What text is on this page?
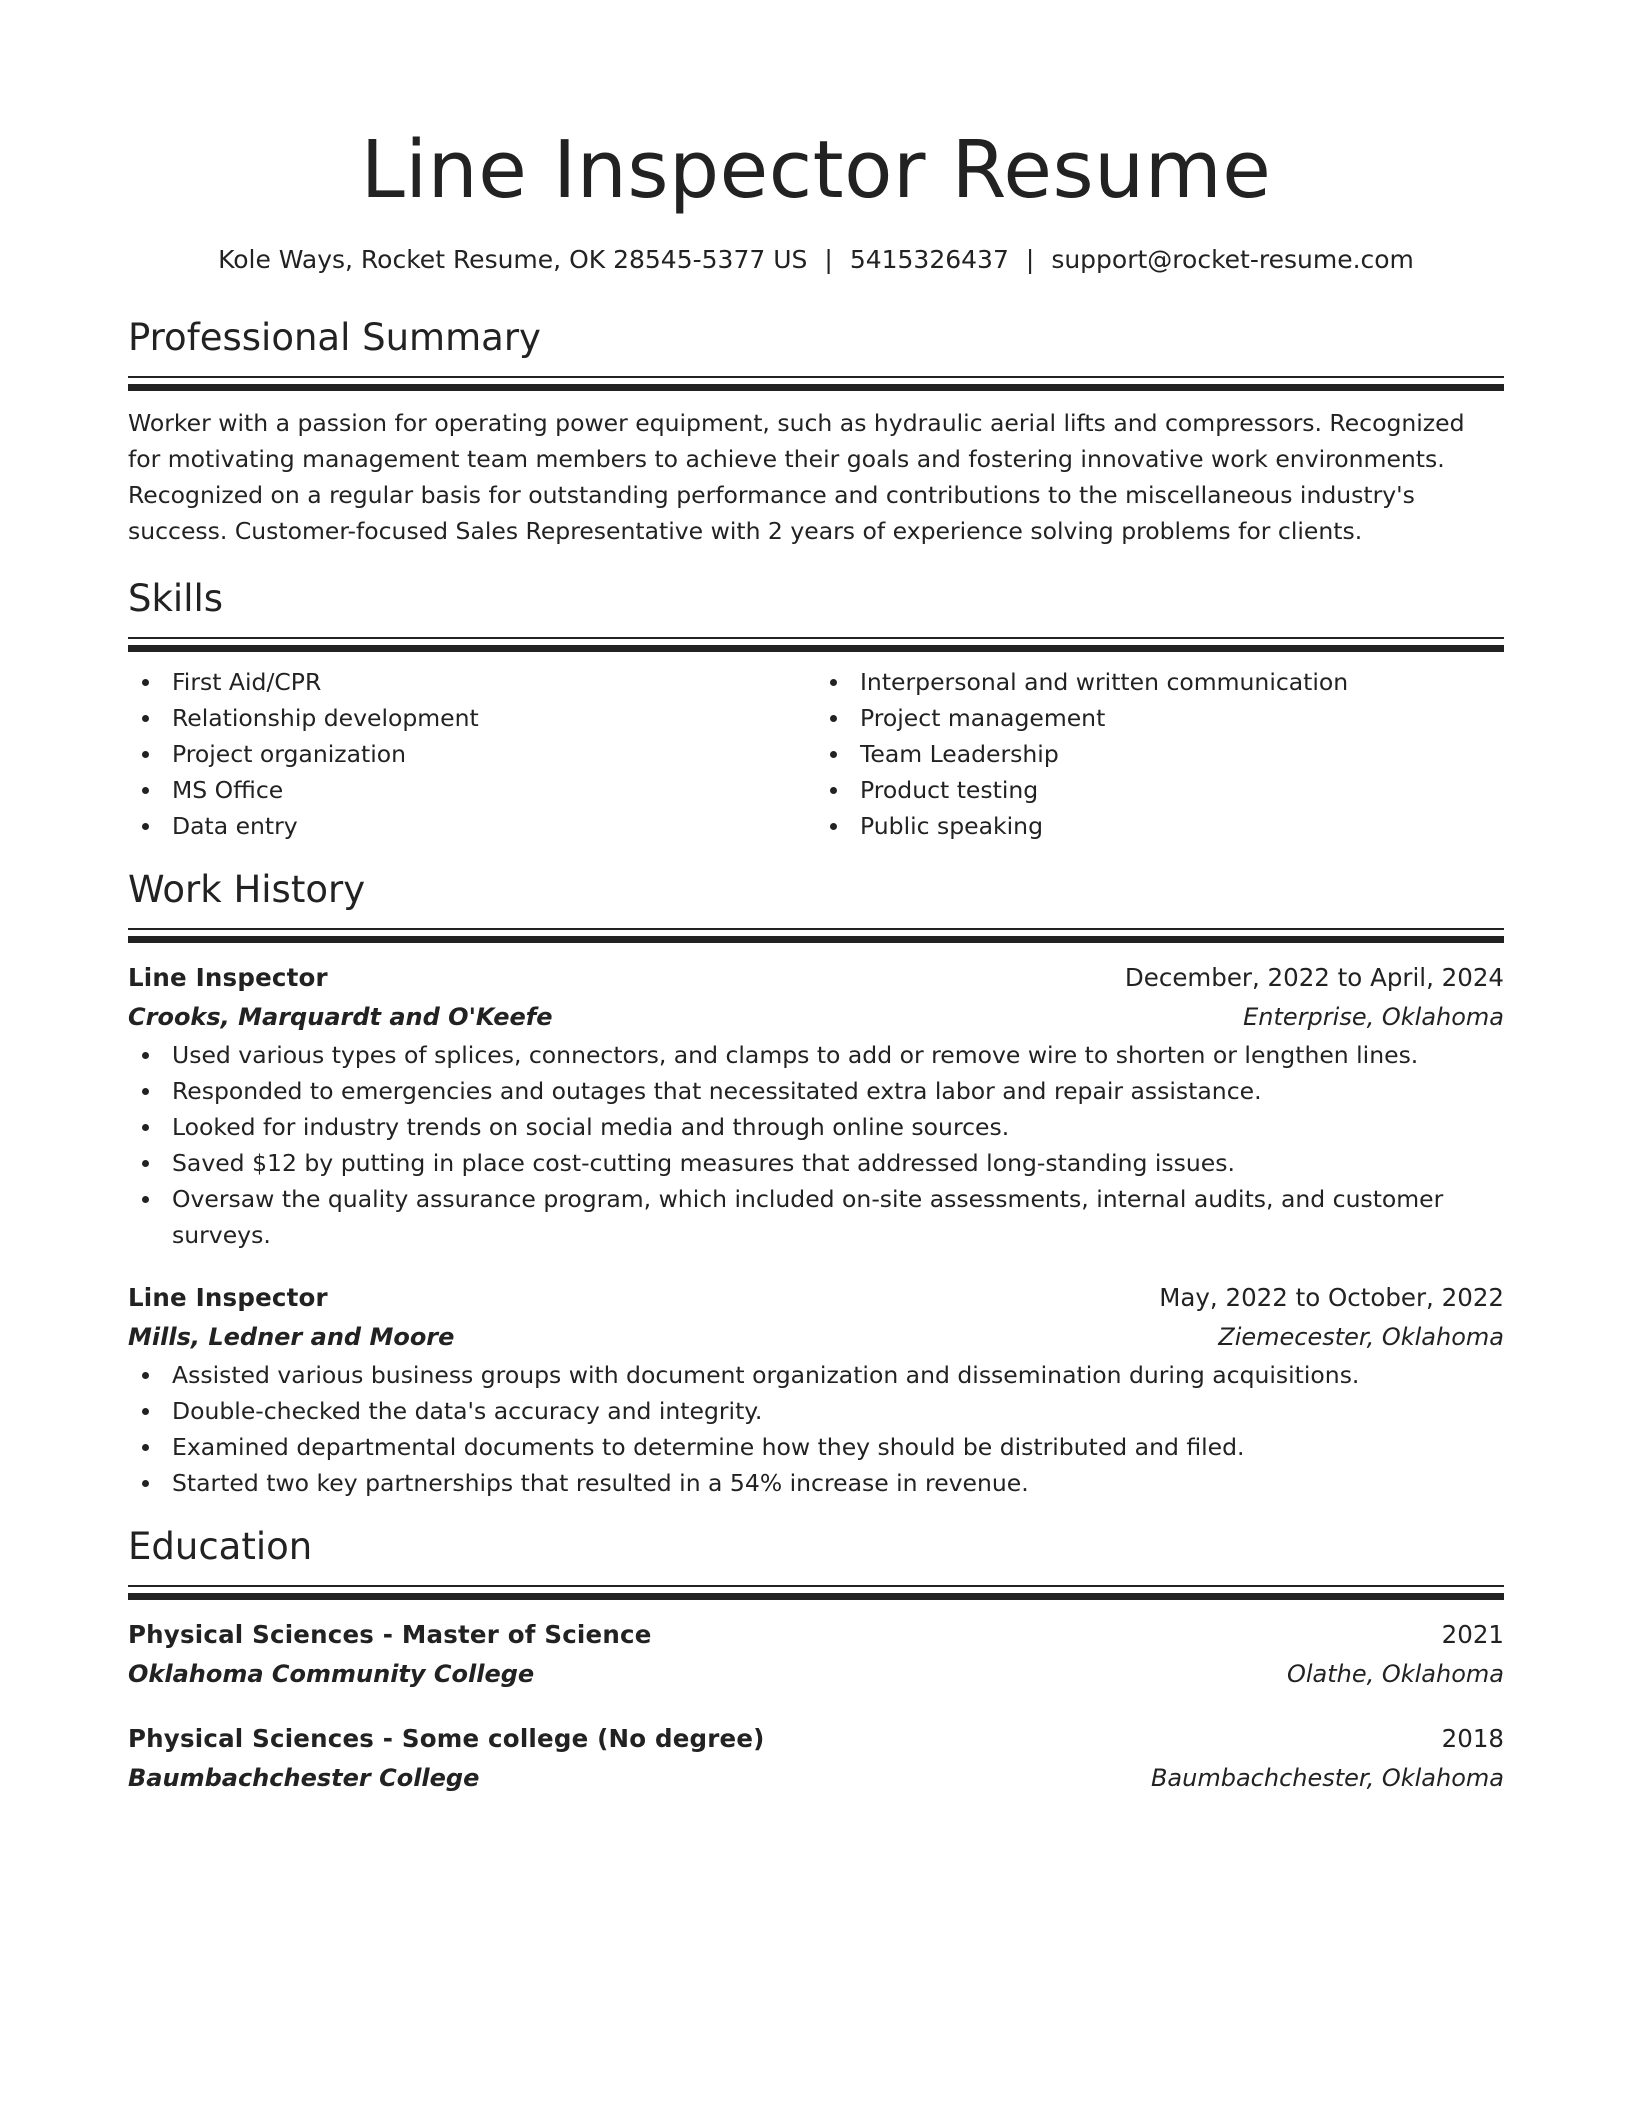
Line Inspector Resume
Kole Ways, Rocket Resume, OK 28545-5377 US | 5415326437 | support@rocket-resume.com
Professional Summary

Worker with a passion for operating power equipment, such as hydraulic aerial lifts and compressors. Recognized for motivating management team members to achieve their goals and fostering innovative work environments. Recognized on a regular basis for outstanding performance and contributions to the miscellaneous industry's success. Customer-focused Sales Representative with 2 years of experience solving problems for clients.

Skills
First Aid/CPR
Relationship development
Project organization
MS Office
Data entry
Interpersonal and written communication
Project management
Team Leadership
Product testing
Public speaking
Work History
Line Inspector	December, 2022 to April, 2024
Crooks, Marquardt and O'Keefe	Enterprise, Oklahoma
Used various types of splices, connectors, and clamps to add or remove wire to shorten or lengthen lines.
Responded to emergencies and outages that necessitated extra labor and repair assistance.
Looked for industry trends on social media and through online sources.
Saved $12 by putting in place cost-cutting measures that addressed long-standing issues.
Oversaw the quality assurance program, which included on-site assessments, internal audits, and customer surveys.
Line Inspector	May, 2022 to October, 2022
Mills, Ledner and Moore	Ziemecester, Oklahoma
Assisted various business groups with document organization and dissemination during acquisitions.
Double-checked the data's accuracy and integrity.
Examined departmental documents to determine how they should be distributed and filed.
Started two key partnerships that resulted in a 54% increase in revenue.
Education
Physical Sciences - Master of Science	2021
Oklahoma Community College	Olathe, Oklahoma
Physical Sciences - Some college (No degree)	2018
Baumbachchester College	Baumbachchester, Oklahoma
